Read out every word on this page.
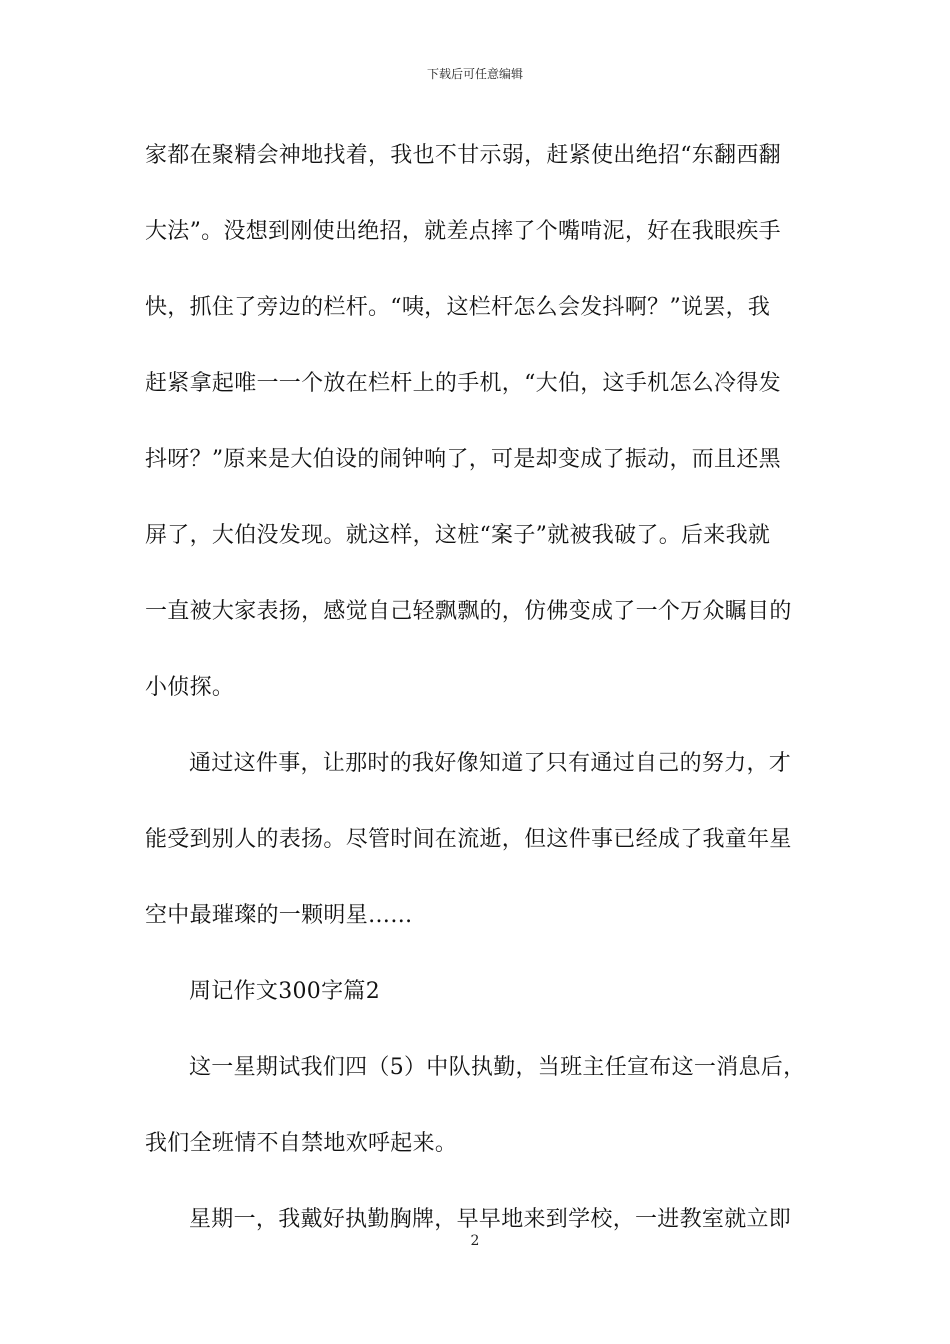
下载后可任意编辑
家都在聚精会神地找着，我也不甘示弱，赶紧使出绝招“东翻西翻
大法”。没想到刚使出绝招，就差点摔了个嘴啃泥，好在我眼疾手
快，抓住了旁边的栏杆。“咦，这栏杆怎么会发抖啊？”说罢，我
赶紧拿起唯一一个放在栏杆上的手机，“大伯，这手机怎么冷得发
抖呀？”原来是大伯设的闹钟响了，可是却变成了振动，而且还黑
屏了，大伯没发现。就这样，这桩“案子”就被我破了。后来我就
一直被大家表扬，感觉自己轻飘飘的，仿佛变成了一个万众瞩目的
小侦探。
通过这件事，让那时的我好像知道了只有通过自己的努力，才
能受到别人的表扬。尽管时间在流逝，但这件事已经成了我童年星
空中最璀璨的一颗明星……
周记作文300字篇2
这一星期试我们四（5）中队执勤，当班主任宣布这一消息后，
我们全班情不自禁地欢呼起来。
星期一，我戴好执勤胸牌，早早地来到学校，一进教室就立即
2
